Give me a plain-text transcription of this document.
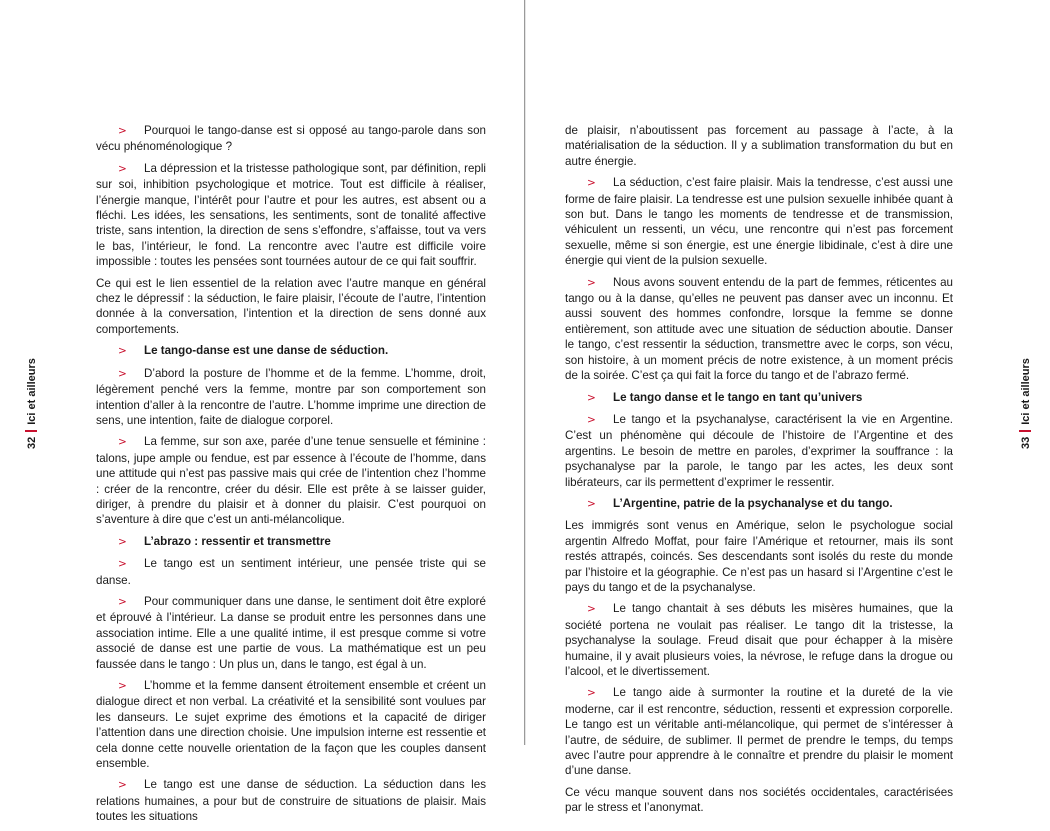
32Ici et ailleurs

> Pourquoi le tango-danse est si opposé au tango-parole dans son vécu phénoménologique ?

> La dépression et la tristesse pathologique sont, par définition, repli sur soi, inhibition psychologique et motrice. Tout est difficile à réaliser, l’énergie manque, l’intérêt pour l’autre et pour les autres, est absent ou a fléchi. Les idées, les sensations, les sentiments, sont de tonalité affective triste, sans intention, la direction de sens s’effondre, s’affaisse, tout va vers le bas, l’intérieur, le fond. La rencontre avec l’autre est difficile voire impossible : toutes les pensées sont tournées autour de ce qui fait souffrir.

Ce qui est le lien essentiel de la relation avec l’autre manque en général chez le dépressif : la séduction, le faire plaisir, l’écoute de l’autre, l’intention donnée à la conversation, l’intention et la direction de sens donné aux comportements.

> Le tango-danse est une danse de séduction.

> D’abord la posture de l’homme et de la femme. L’homme, droit, légèrement penché vers la femme, montre par son comportement son intention d’aller à la rencontre de l’autre. L’homme imprime une direction de sens, une intention, faite de dialogue corporel.

> La femme, sur son axe, parée d’une tenue sensuelle et féminine : talons, jupe ample ou fendue, est par essence à l’écoute de l’homme, dans une attitude qui n’est pas passive mais qui crée de l’intention chez l’homme : créer de la rencontre, créer du désir. Elle est prête à se laisser guider, diriger, à prendre du plaisir et à donner du plaisir. C’est pourquoi on s’aventure à dire que c’est un anti-mélancolique.

> L’abrazo : ressentir et transmettre

> Le tango est un sentiment intérieur, une pensée triste qui se danse.

> Pour communiquer dans une danse, le sentiment doit être exploré et éprouvé à l’intérieur. La danse se produit entre les personnes dans une association intime. Elle a une qualité intime, il est presque comme si votre associé de danse est une partie de vous. La mathématique est un peu faussée dans le tango : Un plus un, dans le tango, est égal à un.

> L’homme et la femme dansent étroitement ensemble et créent un dialogue direct et non verbal. La créativité et la sensibilité sont voulues par les danseurs. Le sujet exprime des émotions et la capacité de diriger l’attention dans une direction choisie. Une impulsion interne est ressentie et cela donne cette nouvelle orientation de la façon que les couples dansent ensemble.

> Le tango est une danse de séduction. La séduction dans les relations humaines, a pour but de construire de situations de plaisir. Mais toutes les situations

de plaisir, n’aboutissent pas forcement au passage à l’acte, à la matérialisation de la séduction. Il y a sublimation transformation du but en autre énergie.

> La séduction, c’est faire plaisir. Mais la tendresse, c’est aussi une forme de faire plaisir. La tendresse est une pulsion sexuelle inhibée quant à son but. Dans le tango les moments de tendresse et de transmission, véhiculent un ressenti, un vécu, une rencontre qui n’est pas forcement sexuelle, même si son énergie, est une énergie libidinale, c’est à dire une énergie qui vient de la pulsion sexuelle.

> Nous avons souvent entendu de la part de femmes, réticentes au tango ou à la danse, qu’elles ne peuvent pas danser avec un inconnu. Et aussi souvent des hommes confondre, lorsque la femme se donne entièrement, son attitude avec une situation de séduction aboutie. Danser le tango, c’est ressentir la séduction, transmettre avec le corps, son vécu, son histoire, à un moment précis de notre existence, à un moment précis de la soirée. C’est ça qui fait la force du tango et de l’abrazo fermé.

> Le tango danse et le tango en tant qu’univers

> Le tango et la psychanalyse, caractérisent la vie en Argentine. C’est un phénomène qui découle de l’histoire de l’Argentine et des argentins. Le besoin de mettre en paroles, d’exprimer la souffrance : la psychanalyse par la parole, le tango par les actes, les deux sont libérateurs, car ils permettent d’exprimer le ressentir.

> L’Argentine, patrie de la psychanalyse et du tango.

Les immigrés sont venus en Amérique, selon le psychologue social argentin Alfredo Moffat, pour faire l’Amérique et retourner, mais ils sont restés attrapés, coincés. Ses descendants sont isolés du reste du monde par l’histoire et la géographie. Ce n’est pas un hasard si l’Argentine c’est le pays du tango et de la psychanalyse.

> Le tango chantait à ses débuts les misères humaines, que la société portena ne voulait pas réaliser. Le tango dit la tristesse, la psychanalyse la soulage. Freud disait que pour échapper à la misère humaine, il y avait plusieurs voies, la névrose, le refuge dans la drogue ou l’alcool, et le divertissement.

> Le tango aide à surmonter la routine et la dureté de la vie moderne, car il est rencontre, séduction, ressenti et expression corporelle. Le tango est un véritable anti-mélancolique, qui permet de s’intéresser à l’autre, de séduire, de sublimer. Il permet de prendre le temps, du temps avec l’autre pour apprendre à le connaître et prendre du plaisir le moment d’une danse.

Ce vécu manque souvent dans nos sociétés occidentales, caractérisées par le stress et l’anonymat.

33Ici et ailleurs
